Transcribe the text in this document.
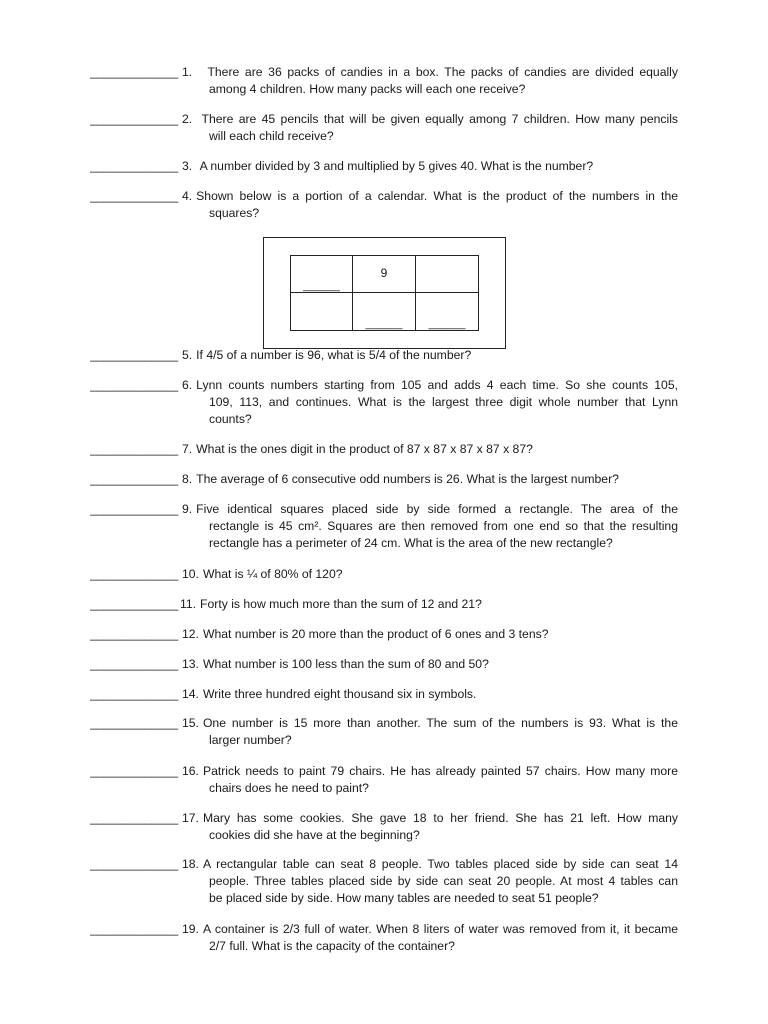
_____________ 1. There are 36 packs of candies in a box. The packs of candies are divided equally
among 4 children. How many packs will each one receive?
_____________ 2. There are 45 pencils that will be given equally among 7 children. How many pencils
will each child receive?
_____________ 3. A number divided by 3 and multiplied by 5 gives 40. What is the number?
_____________ 4. Shown below is a portion of a calendar. What is the product of the numbers in the
squares?
______
9
______	______
_____________ 5. If 4/5 of a number is 96, what is 5/4 of the number?
_____________ 6. Lynn counts numbers starting from 105 and adds 4 each time. So she counts 105,
109, 113, and continues. What is the largest three digit whole number that Lynn
counts?
_____________ 7. What is the ones digit in the product of 87 x 87 x 87 x 87 x 87?
_____________ 8. The average of 6 consecutive odd numbers is 26. What is the largest number?
_____________ 9. Five identical squares placed side by side formed a rectangle. The area of the
rectangle is 45 cm². Squares are then removed from one end so that the resulting
rectangle has a perimeter of 24 cm. What is the area of the new rectangle?
_____________ 10. What is ¼ of 80% of 120?
_____________ 11. Forty is how much more than the sum of 12 and 21?
_____________ 12. What number is 20 more than the product of 6 ones and 3 tens?
_____________ 13. What number is 100 less than the sum of 80 and 50?
_____________ 14. Write three hundred eight thousand six in symbols.
_____________ 15. One number is 15 more than another. The sum of the numbers is 93. What is the
larger number?
_____________ 16. Patrick needs to paint 79 chairs. He has already painted 57 chairs. How many more
chairs does he need to paint?
_____________ 17. Mary has some cookies. She gave 18 to her friend. She has 21 left. How many
cookies did she have at the beginning?
_____________ 18. A rectangular table can seat 8 people. Two tables placed side by side can seat 14
people. Three tables placed side by side can seat 20 people. At most 4 tables can
be placed side by side. How many tables are needed to seat 51 people?
_____________ 19. A container is 2/3 full of water. When 8 liters of water was removed from it, it became
2/7 full. What is the capacity of the container?
